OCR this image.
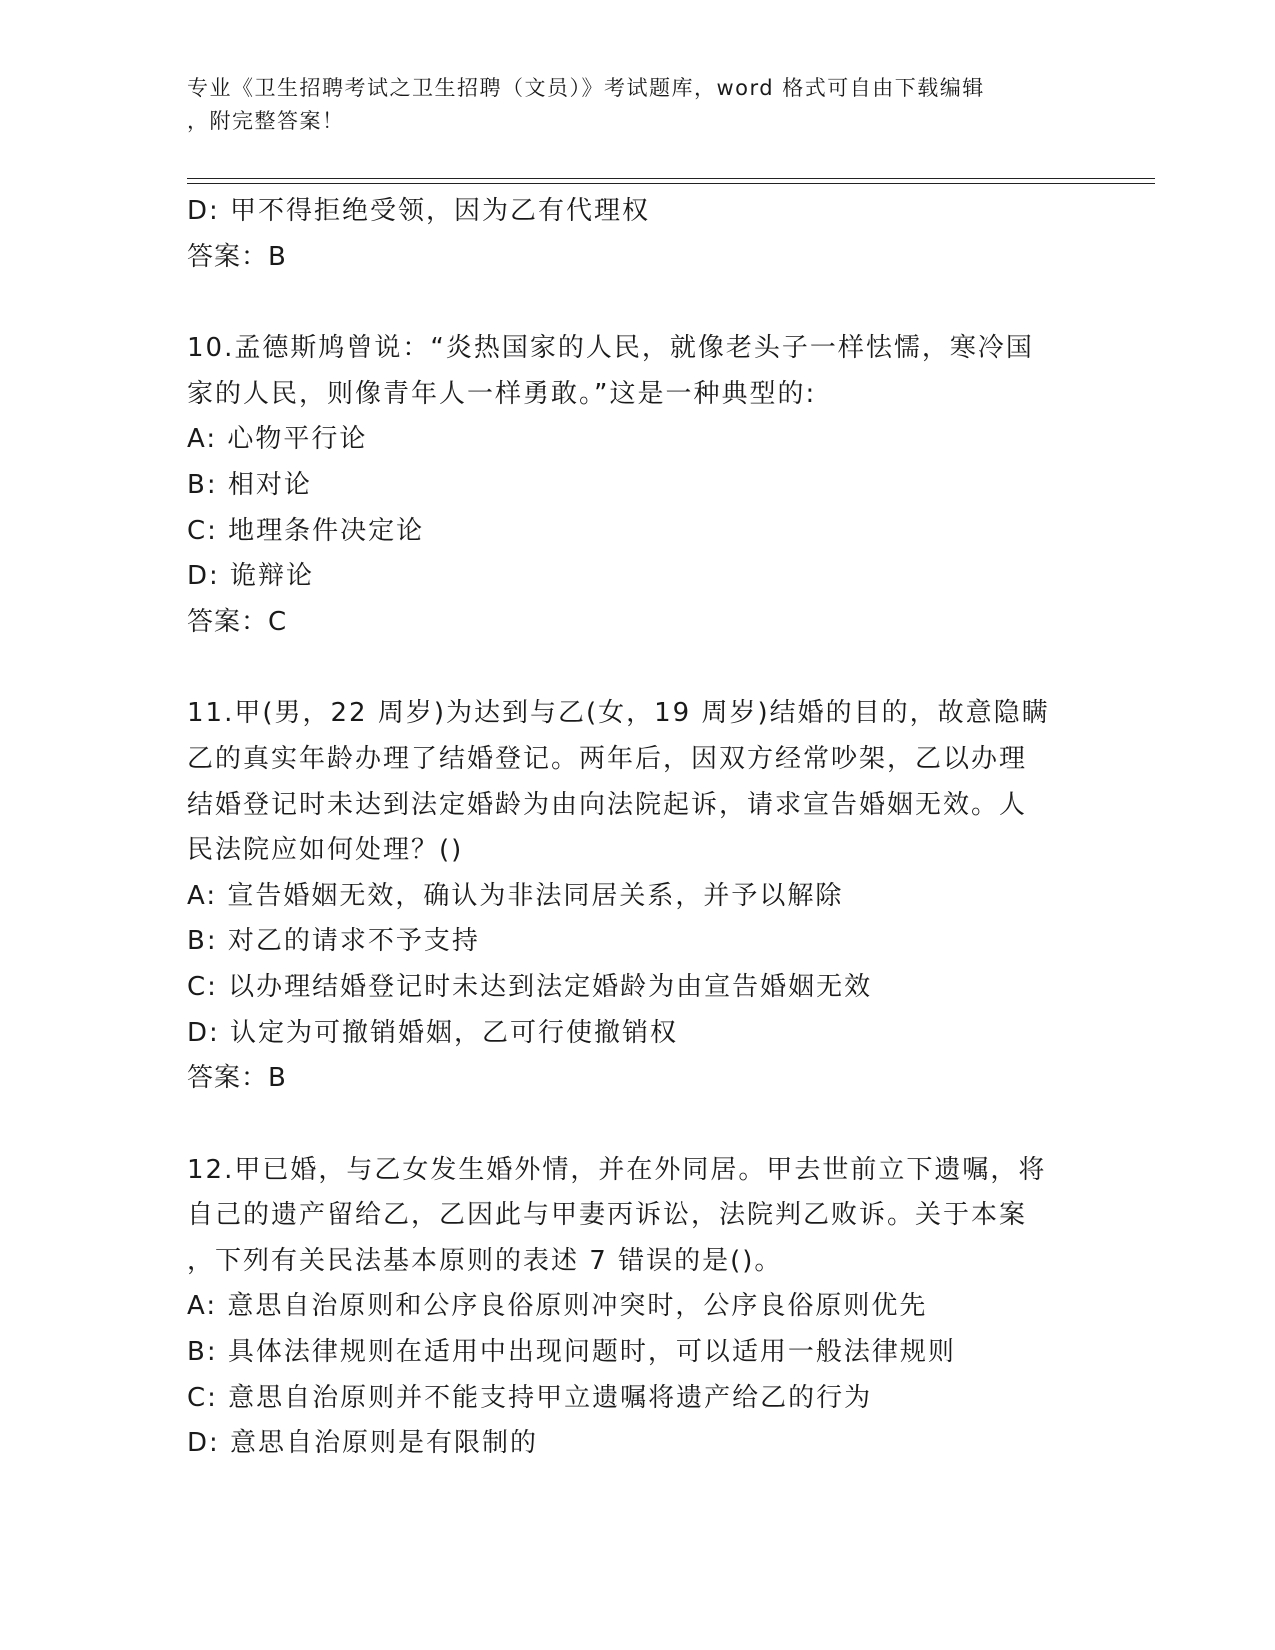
专业《卫生招聘考试之卫生招聘（文员）》考试题库，word 格式可自由下载编辑
，附完整答案！
D: 甲不得拒绝受领，因为乙有代理权
答案：B
10.孟德斯鸠曾说：“炎热国家的人民，就像老头子一样怯懦，寒冷国
家的人民，则像青年人一样勇敢。”这是一种典型的:
A: 心物平行论
B: 相对论
C: 地理条件决定论
D: 诡辩论
答案：C
11.甲(男，22 周岁)为达到与乙(女，19 周岁)结婚的目的，故意隐瞒
乙的真实年龄办理了结婚登记。两年后，因双方经常吵架，乙以办理
结婚登记时未达到法定婚龄为由向法院起诉，请求宣告婚姻无效。人
民法院应如何处理？()
A: 宣告婚姻无效，确认为非法同居关系，并予以解除
B: 对乙的请求不予支持
C: 以办理结婚登记时未达到法定婚龄为由宣告婚姻无效
D: 认定为可撤销婚姻，乙可行使撤销权
答案：B
12.甲已婚，与乙女发生婚外情，并在外同居。甲去世前立下遗嘱，将
自己的遗产留给乙，乙因此与甲妻丙诉讼，法院判乙败诉。关于本案
，下列有关民法基本原则的表述 7 错误的是()。
A: 意思自治原则和公序良俗原则冲突时，公序良俗原则优先
B: 具体法律规则在适用中出现问题时，可以适用一般法律规则
C: 意思自治原则并不能支持甲立遗嘱将遗产给乙的行为
D: 意思自治原则是有限制的
